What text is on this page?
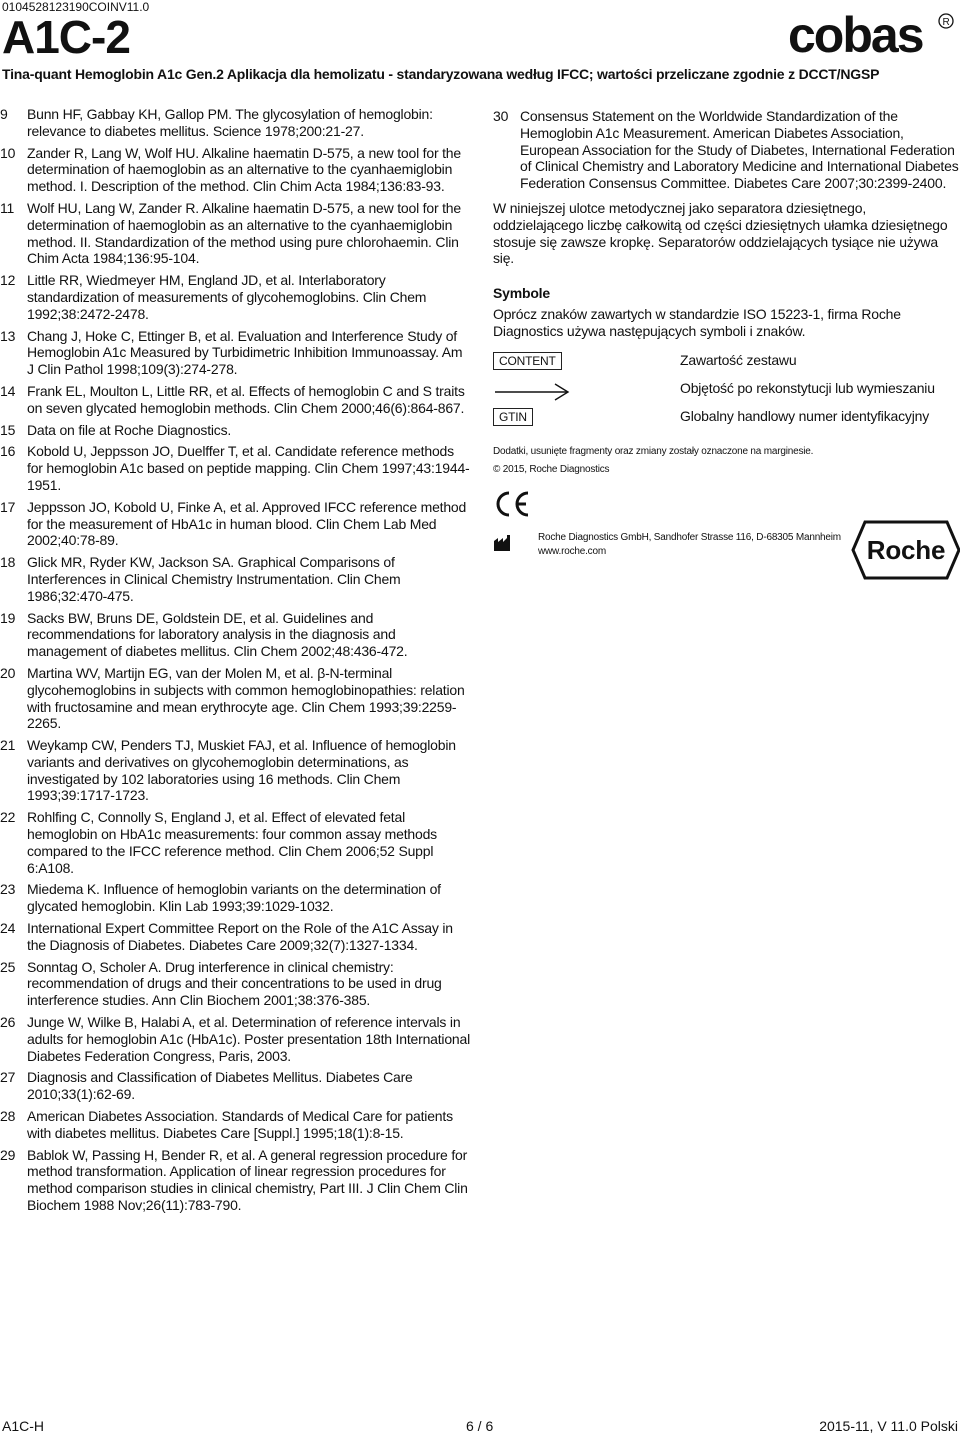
0104528123190COINV11.0
A1C-2	cobas R
Tina-quant Hemoglobin A1c Gen.2 Aplikacja dla hemolizatu - standaryzowana według IFCC; wartości przeliczane zgodnie z DCCT/NGSP
9	Bunn HF, Gabbay KH, Gallop PM. The glycosylation of hemoglobin: relevance to diabetes mellitus. Science 1978;200:21-27.
10 Zander R, Lang W, Wolf HU. Alkaline haematin D-575, a new tool for the determination of haemoglobin as an alternative to the cyanhaemiglobin method. I. Description of the method. Clin Chim Acta 1984;136:83-93.
11 Wolf HU, Lang W, Zander R. Alkaline haematin D-575, a new tool for the determination of haemoglobin as an alternative to the cyanhaemiglobin method. II. Standardization of the method using pure chlorohaemin. Clin Chim Acta 1984;136:95-104.
12 Little RR, Wiedmeyer HM, England JD, et al. Interlaboratory standardization of measurements of glycohemoglobins. Clin Chem 1992;38:2472-2478.
13 Chang J, Hoke C, Ettinger B, et al. Evaluation and Interference Study of Hemoglobin A1c Measured by Turbidimetric Inhibition Immunoassay. Am J Clin Pathol 1998;109(3):274-278.
14 Frank EL, Moulton L, Little RR, et al. Effects of hemoglobin C and S traits on seven glycated hemoglobin methods. Clin Chem 2000;46(6):864-867.
15 Data on file at Roche Diagnostics.
16 Kobold U, Jeppsson JO, Duelffer T, et al. Candidate reference methods for hemoglobin A1c based on peptide mapping. Clin Chem 1997;43:1944-1951.
17 Jeppsson JO, Kobold U, Finke A, et al. Approved IFCC reference method for the measurement of HbA1c in human blood. Clin Chem Lab Med 2002;40:78-89.
18 Glick MR, Ryder KW, Jackson SA. Graphical Comparisons of Interferences in Clinical Chemistry Instrumentation. Clin Chem 1986;32:470-475.
19 Sacks BW, Bruns DE, Goldstein DE, et al. Guidelines and recommendations for laboratory analysis in the diagnosis and management of diabetes mellitus. Clin Chem 2002;48:436-472.
20 Martina WV, Martijn EG, van der Molen M, et al. β-N-terminal glycohemoglobins in subjects with common hemoglobinopathies: relation with fructosamine and mean erythrocyte age. Clin Chem 1993;39:2259-2265.
21 Weykamp CW, Penders TJ, Muskiet FAJ, et al. Influence of hemoglobin variants and derivatives on glycohemoglobin determinations, as investigated by 102 laboratories using 16 methods. Clin Chem 1993;39:1717-1723.
22 Rohlfing C, Connolly S, England J, et al. Effect of elevated fetal hemoglobin on HbA1c measurements: four common assay methods compared to the IFCC reference method. Clin Chem 2006;52 Suppl 6:A108.
23 Miedema K. Influence of hemoglobin variants on the determination of glycated hemoglobin. Klin Lab 1993;39:1029-1032.
24 International Expert Committee Report on the Role of the A1C Assay in the Diagnosis of Diabetes. Diabetes Care 2009;32(7):1327-1334.
25 Sonntag O, Scholer A. Drug interference in clinical chemistry: recommendation of drugs and their concentrations to be used in drug interference studies. Ann Clin Biochem 2001;38:376-385.
26 Junge W, Wilke B, Halabi A, et al. Determination of reference intervals in adults for hemoglobin A1c (HbA1c). Poster presentation 18th International Diabetes Federation Congress, Paris, 2003.
27 Diagnosis and Classification of Diabetes Mellitus. Diabetes Care 2010;33(1):62-69.
28 American Diabetes Association. Standards of Medical Care for patients with diabetes mellitus. Diabetes Care [Suppl.] 1995;18(1):8-15.
29 Bablok W, Passing H, Bender R, et al. A general regression procedure for method transformation. Application of linear regression procedures for method comparison studies in clinical chemistry, Part III. J Clin Chem Clin Biochem 1988 Nov;26(11):783-790.
30 Consensus Statement on the Worldwide Standardization of the Hemoglobin A1c Measurement. American Diabetes Association, European Association for the Study of Diabetes, International Federation of Clinical Chemistry and Laboratory Medicine and International Diabetes Federation Consensus Committee. Diabetes Care 2007;30:2399-2400.

W niniejszej ulotce metodycznej jako separatora dziesiętnego, oddzielającego liczbę całkowitą od części dziesiętnych ułamka dziesiętnego stosuje się zawsze kropkę. Separatorów oddzielających tysiące nie używa się.

Symbole

Oprócz znaków zawartych w standardzie ISO 15223-1, firma Roche Diagnostics używa następujących symboli i znaków.

CONTENT	Zawartość zestawu
Objętość po rekonstytucji lub wymieszaniu
GTIN	Globalny handlowy numer identyfikacyjny
Dodatki, usunięte fragmenty oraz zmiany zostały oznaczone na marginesie.
© 2015, Roche Diagnostics
CE
Roche Diagnostics GmbH, Sandhofer Strasse 116, D-68305 Mannheim
www.roche.com	Roche
A1C-H	6 / 6	2015-11, V 11.0 Polski
